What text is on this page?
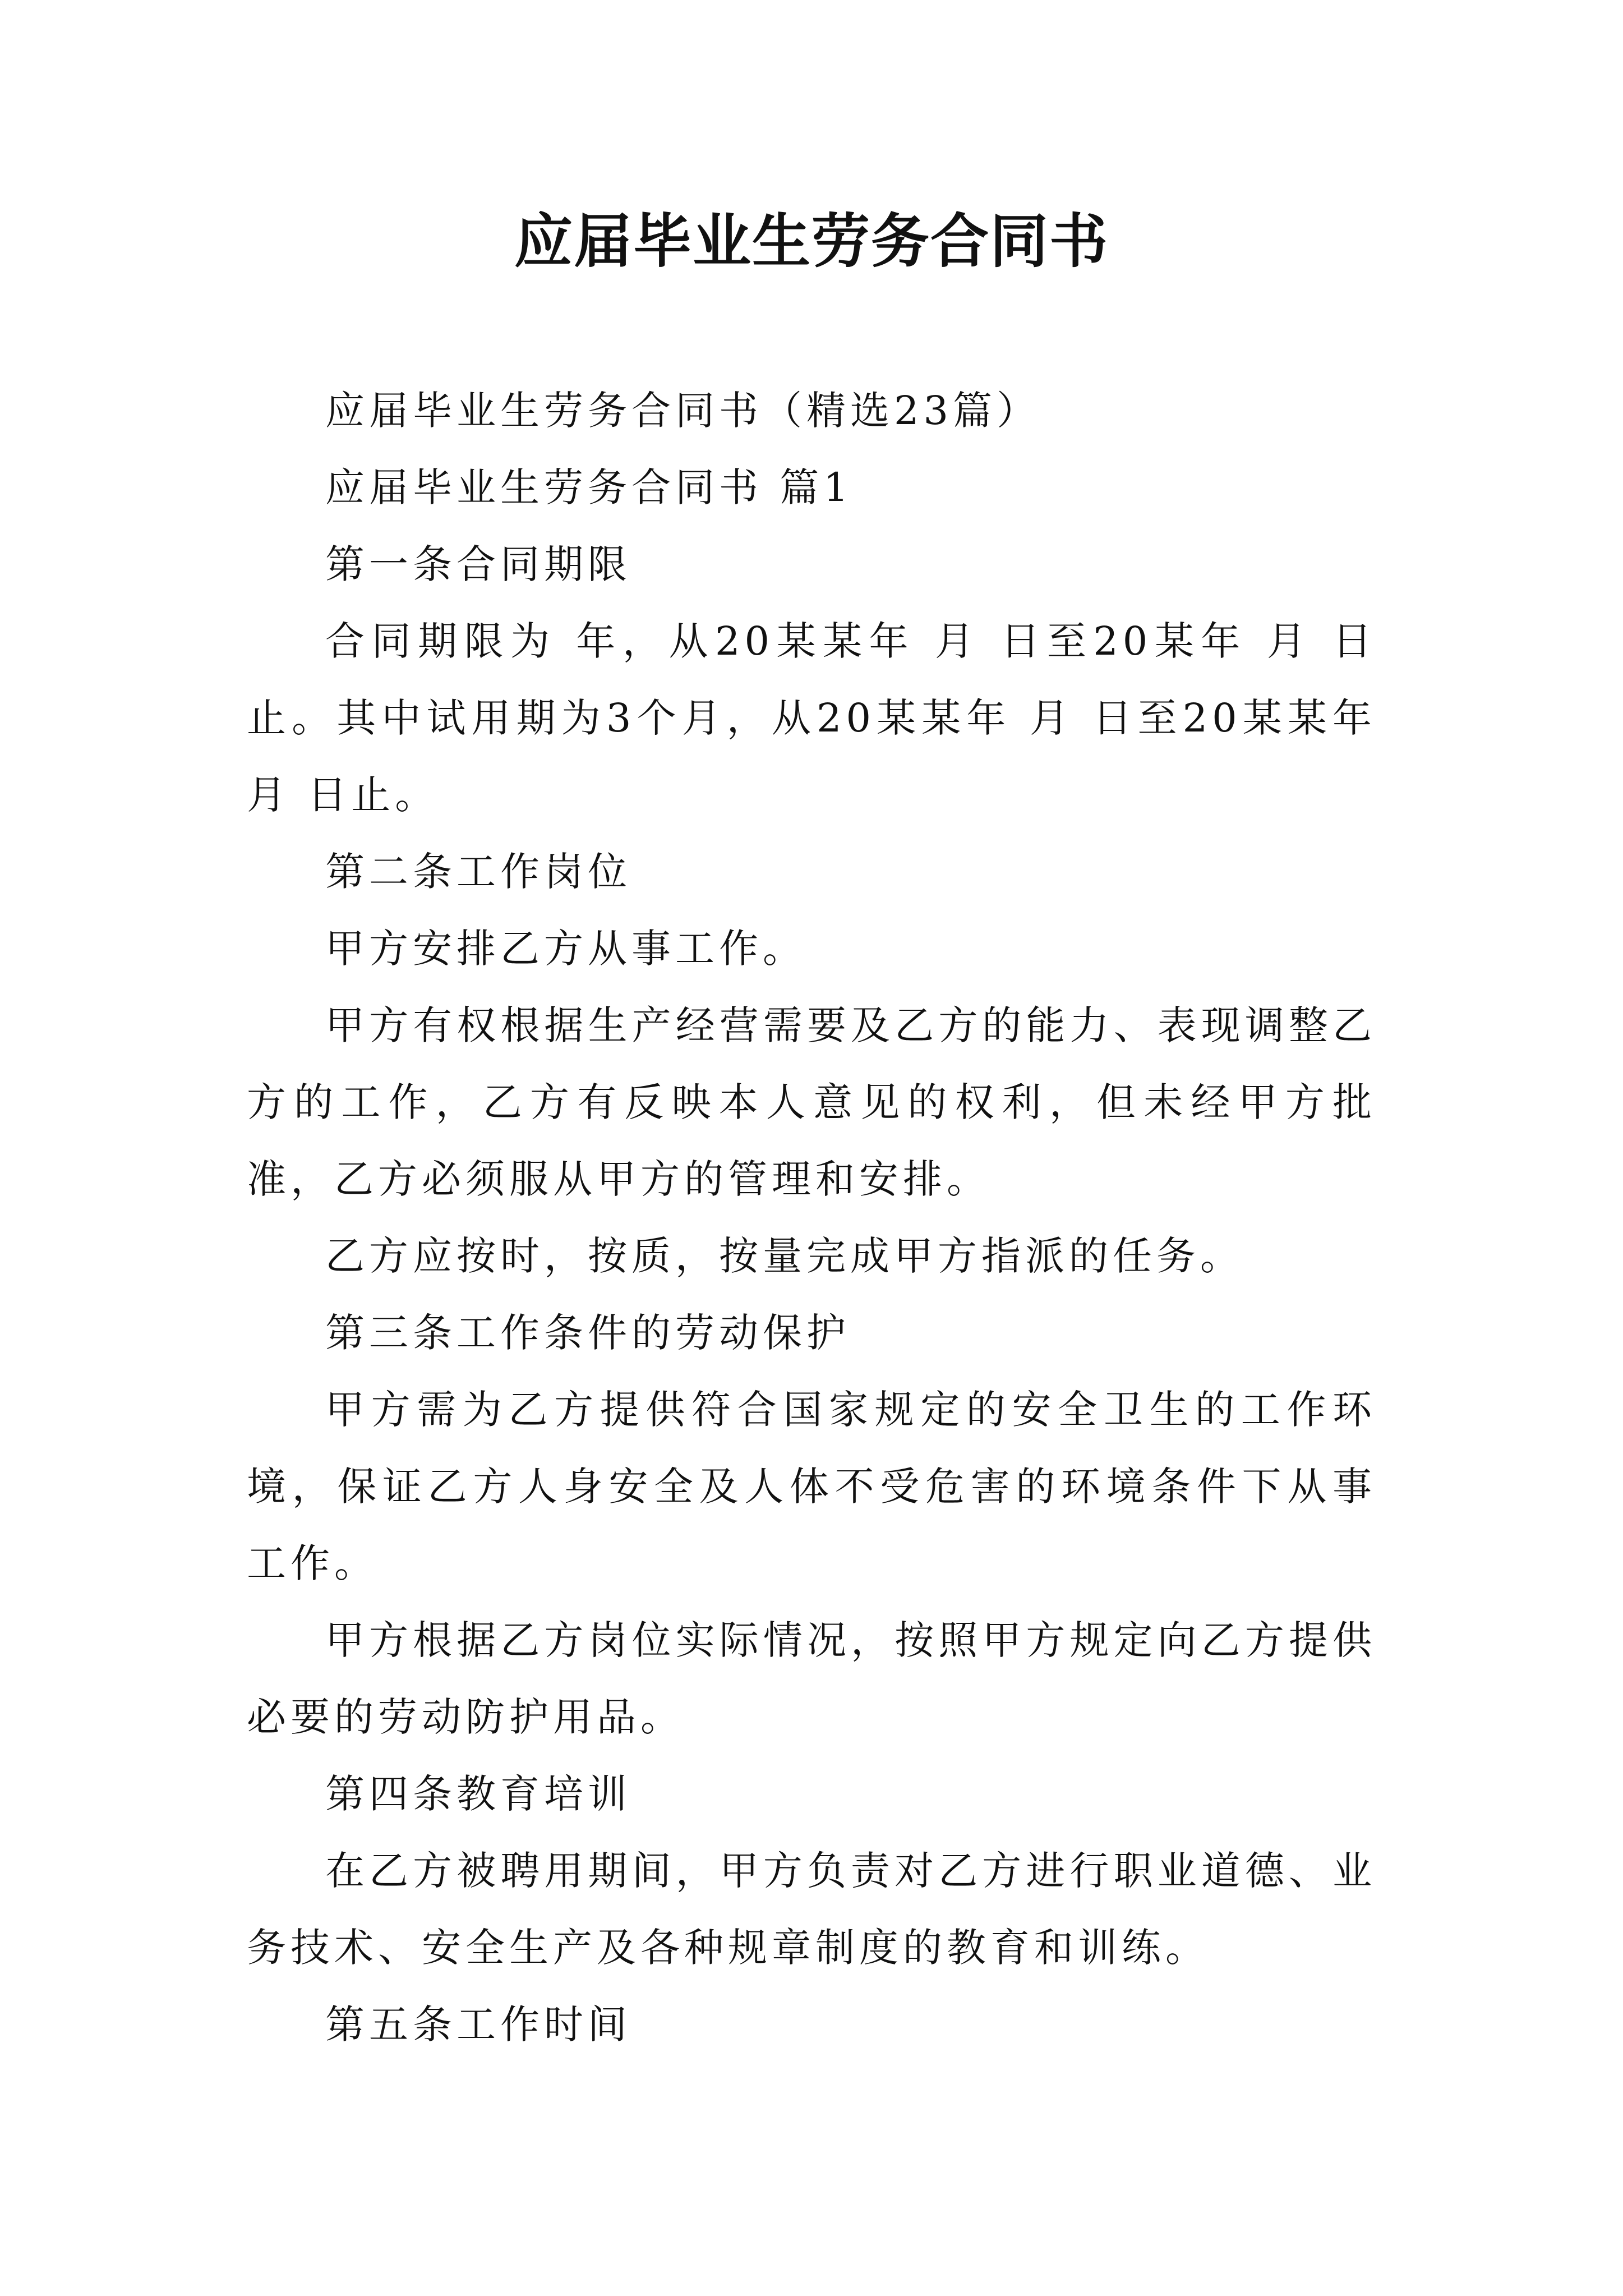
应届毕业生劳务合同书

应届毕业生劳务合同书（精选23篇）

应届毕业生劳务合同书 篇1

第一条合同期限

合同期限为 年，从20某某年 月 日至20某年 月 日止。其中试用期为3个月，从20某某年 月 日至20某某年 月 日止。

第二条工作岗位

甲方安排乙方从事工作。

甲方有权根据生产经营需要及乙方的能力、表现调整乙方的工作，乙方有反映本人意见的权利，但未经甲方批准，乙方必须服从甲方的管理和安排。

乙方应按时，按质，按量完成甲方指派的任务。

第三条工作条件的劳动保护

甲方需为乙方提供符合国家规定的安全卫生的工作环境，保证乙方人身安全及人体不受危害的环境条件下从事工作。

甲方根据乙方岗位实际情况，按照甲方规定向乙方提供必要的劳动防护用品。

第四条教育培训

在乙方被聘用期间，甲方负责对乙方进行职业道德、业务技术、安全生产及各种规章制度的教育和训练。

第五条工作时间
